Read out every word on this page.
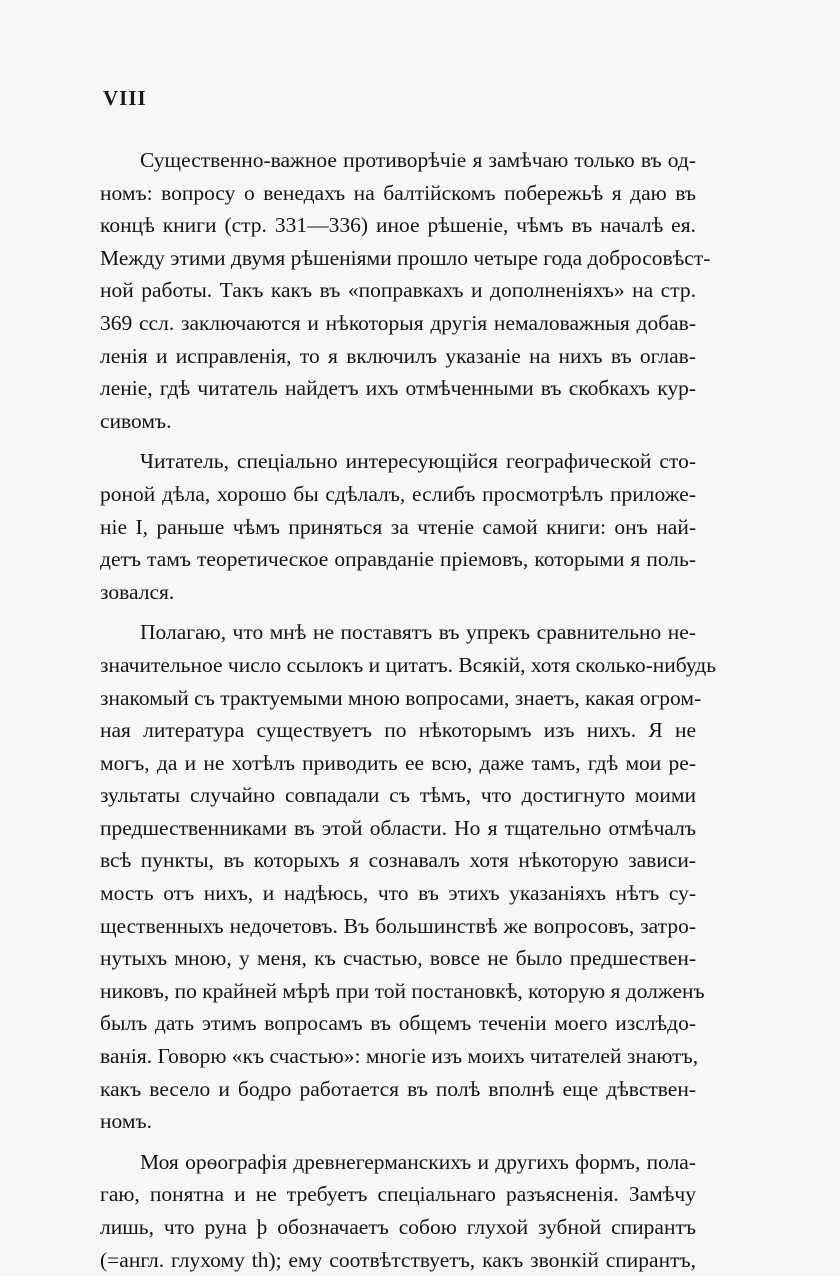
VIII
Существенно-важное противорѣчіе я замѣчаю только въ од-
номъ: вопросу о венедахъ на балтійскомъ побережьѣ я даю въ
концѣ книги (стр. 331—336) иное рѣшеніе, чѣмъ въ началѣ ея.
Между этими двумя рѣшеніями прошло четыре года добросовѣст-
ной работы. Такъ какъ въ «поправкахъ и дополненіяхъ» на стр.
369 сcл. заключаются и нѣкоторыя другія немаловажныя добав-
ленія и исправленія, то я включилъ указаніе на нихъ въ оглав-
леніе, гдѣ читатель найдетъ ихъ отмѣченными въ скобкахъ кур-
сивомъ.
Читатель, спеціально интересующійся географической сто-
роной дѣла, хорошо бы сдѣлалъ, еслибъ просмотрѣлъ приложе-
ніе I, раньше чѣмъ приняться за чтеніе самой книги: онъ най-
детъ тамъ теоретическое оправданіе пріемовъ, которыми я поль-
зовался.
Полагаю, что мнѣ не поставятъ въ упрекъ сравнительно не-
значительное число ссылокъ и цитатъ. Всякій, хотя сколько-нибудь
знакомый съ трактуемыми мною вопросами, знаетъ, какая огром-
ная литература существуетъ по нѣкоторымъ изъ нихъ. Я не
могъ, да и не хотѣлъ приводить ее всю, даже тамъ, гдѣ мои ре-
зультаты случайно совпадали съ тѣмъ, что достигнуто моими
предшественниками въ этой области. Но я тщательно отмѣчалъ
всѣ пункты, въ которыхъ я сознавалъ хотя нѣкоторую зависи-
мость отъ нихъ, и надѣюсь, что въ этихъ указаніяхъ нѣтъ су-
щественныхъ недочетовъ. Въ большинствѣ же вопросовъ, затро-
нутыхъ мною, у меня, къ счастью, вовсе не было предшествен-
никовъ, по крайней мѣрѣ при той постановкѣ, которую я долженъ
былъ дать этимъ вопросамъ въ общемъ теченіи моего изслѣдо-
ванія. Говорю «къ счастью»: многіе изъ моихъ читателей знаютъ,
какъ весело и бодро работается въ полѣ вполнѣ еще дѣвствен-
номъ.
Моя орѳографія древнегерманскихъ и другихъ формъ, пола-
гаю, понятна и не требуетъ спеціальнаго разъясненія. Замѣчу
лишь, что руна þ обозначаетъ собою глухой зубной спирантъ
(=англ. глухому th); ему соотвѣтствуетъ, какъ звонкій спирантъ,
